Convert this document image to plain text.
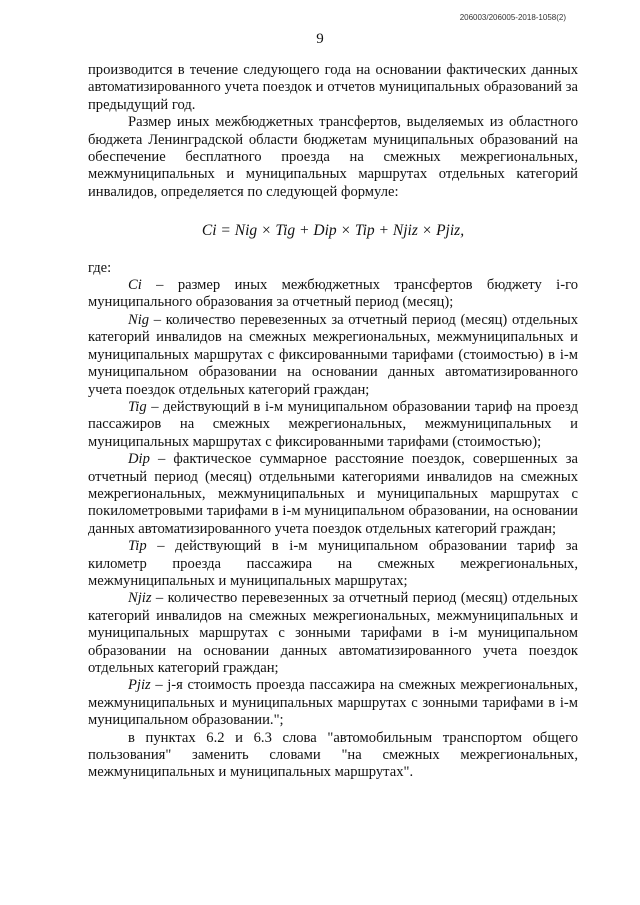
206003/206005-2018-1058(2)
9

производится в течение следующего года на основании фактических данных автоматизированного учета поездок и отчетов муниципальных образований за предыдущий год.

Размер иных межбюджетных трансфертов, выделяемых из областного бюджета Ленинградской области бюджетам муниципальных образований на обеспечение бесплатного проезда на смежных межрегиональных, межмуниципальных и муниципальных маршрутах отдельных категорий инвалидов, определяется по следующей формуле:

Ci = Nig × Tig + Dip × Tip + Njiz × Pjiz,

где:

Ci – размер иных межбюджетных трансфертов бюджету i-го муниципального образования за отчетный период (месяц);

Nig – количество перевезенных за отчетный период (месяц) отдельных категорий инвалидов на смежных межрегиональных, межмуниципальных и муниципальных маршрутах с фиксированными тарифами (стоимостью) в i-м муниципальном образовании на основании данных автоматизированного учета поездок отдельных категорий граждан;

Tig – действующий в i-м муниципальном образовании тариф на проезд пассажиров на смежных межрегиональных, межмуниципальных и муниципальных маршрутах с фиксированными тарифами (стоимостью);

Dip – фактическое суммарное расстояние поездок, совершенных за отчетный период (месяц) отдельными категориями инвалидов на смежных межрегиональных, межмуниципальных и муниципальных маршрутах с покилометровыми тарифами в i-м муниципальном образовании, на основании данных автоматизированного учета поездок отдельных категорий граждан;

Tip – действующий в i-м муниципальном образовании тариф за километр проезда пассажира на смежных межрегиональных, межмуниципальных и муниципальных маршрутах;

Njiz – количество перевезенных за отчетный период (месяц) отдельных категорий инвалидов на смежных межрегиональных, межмуниципальных и муниципальных маршрутах с зонными тарифами в i-м муниципальном образовании на основании данных автоматизированного учета поездок отдельных категорий граждан;

Pjiz – j-я стоимость проезда пассажира на смежных межрегиональных, межмуниципальных и муниципальных маршрутах с зонными тарифами в i-м муниципальном образовании.";

в пунктах 6.2 и 6.3 слова "автомобильным транспортом общего пользования" заменить словами "на смежных межрегиональных, межмуниципальных и муниципальных маршрутах".
